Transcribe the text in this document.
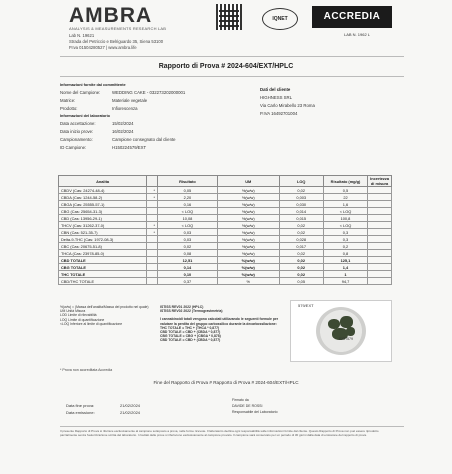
AMBRA
ANALYSIS & MEASUREMENTS RESEARCH LAB
Lab N. 19621
Strada del Petriccio e Belriguardo 35, Siena 53100
P.Iva 01504280527 | www.ambra.life
IQNET	ACCREDIA
LAB N. 1962 L
Rapporto di Prova # 2024-604/EXT/HPLC
Informazioni fornite dal committente
Nome del Campione:	WEDDING CAKE - 032273202000001
Matrice:	Materiale vegetale
Prodotto:	Infiorescenza
Informazioni del laboratorio
Data accettazione:	15/02/2024
Data inizio prove:	16/02/2024
Campionamento:	Campione consegnato dal cliente
ID Campione:	H150224579/EXT
Dati del cliente
HIGHNESS SRL
Via Carlo Mirabello 23 Roma
P.IVA 16492701004
Analita		Risultato	UM	LOQ	Risultato (mg/g)	Incertezza di misura
CBDV (Cas: 24274-48-4)	*	0,05	%(w/w)	0,02	0,5	
CBDA (Cas: 1244-58-2)	*	2,20	%(w/w)	0,003	22	
CBGA (Cas: 25555-57-1)		0,16	%(w/w)	0,030	1,6	
CBG (Cas: 25654-31-3)		< LOQ	%(w/w)	0,014	< LOQ	
CBD (Cas: 13956-29-1)		10,08	%(w/w)	0,015	100,8	
THCV (Cas: 31262-37-0)	*	< LOQ	%(w/w)	0,02	< LOQ	
CBN (Cas: 521-35-7)	*	0,03	%(w/w)	0,02	0,3	
Delta-9-THC (Cas: 1972-08-3)		0,03	%(w/w)	0,028	0,3	
CBC (Cas: 20675-51-8)		0,02	%(w/w)	0,017	0,2	
THCA (Cas: 23978-85-0)		0,08	%(w/w)	0,02	0,8	
CBD TOTALE		12,51	%(w/w)	0,02	125,1	
CBG TOTALE		0,14	%(w/w)	0,02	1,4	
THC TOTALE		0,10	%(w/w)	0,02	1	
CBD/THC TOTALE		0,37	%	0,05	94,7	
%(w/w) = (Massa dell'analita/Massa del prodotto nel quale)
UM Unità Misura
LOD Limite di rilevabilità
LOQ Limite di quantificazione
<LOQ Inferiore al limite di quantificazione
ISTISS REV01 2022 (HPLC)
ISTISS REV02 2022 (Termogravimetria)
I cannabinoidi totali vengono calcolati utilizzando le seguenti formule per valutare la perdita del gruppo carbossilico durante la decarbossilazione:
THC TOTALE = THC + (THCA * 0,877)
CBD TOTALE = CBD + (CBDA * 0,877)
CBG TOTALE = CBG + (CBGA * 0,878)
CBD TOTALE = CBD + (CBDA * 0,877)
579/EXT
EXT/579
* Prova non accreditata Accredia
Fine del Rapporto di Prova # Rapporto di Prova # 2024-604/EXT/HPLC
Data fine prova:	21/02/2024
Data emissione:	21/02/2024
Firmato da
DAVIDE DE ROSSI
Responsabile del Laboratorio
Il presente Rapporto di Prova si riferisce esclusivamente al campione sottoposto a prova, nelle forme ricevute. Il laboratorio declina ogni responsabilità sulle informazioni fornite dal cliente. Questo Rapporto di Prova non può essere riprodotto parzialmente senza l'autorizzazione scritta del laboratorio. I risultati delle prove si riferiscono esclusivamente al campione provato. Il campione sarà conservato per un periodo di 30 giorni dalla data di emissione del rapporto di prova.
